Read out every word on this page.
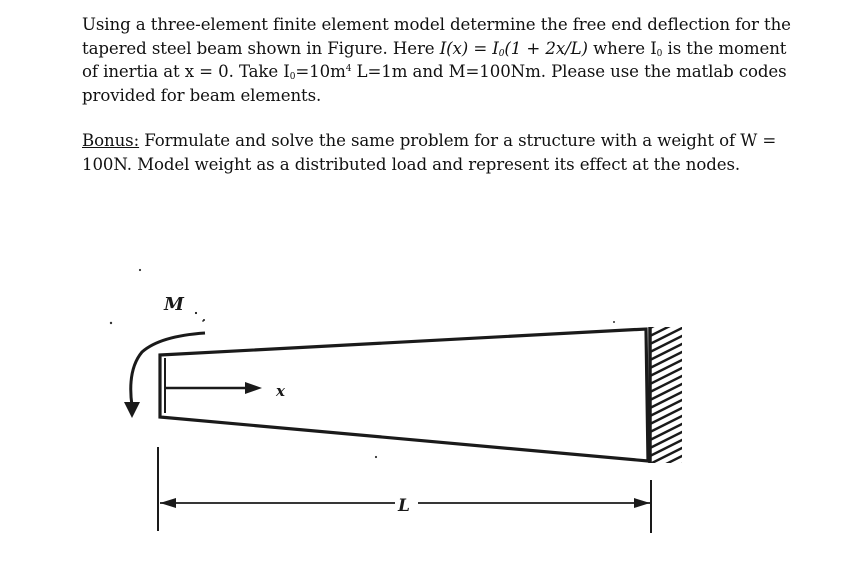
Using a three-element finite element model determine the free end deflection for the
tapered steel beam shown in Figure. Here $I(x) = I_0(1 + 2x/L)$ where $I_0$ is the moment
of inertia at x = 0. Take $I_0=10m^4$ L=1m and M=100Nm. Please use the matlab codes
provided for beam elements.
Bonus: Formulate and solve the same problem for a structure with a weight of W =
100N. Model weight as a distributed load and represent its effect at the nodes.
x
M
L
